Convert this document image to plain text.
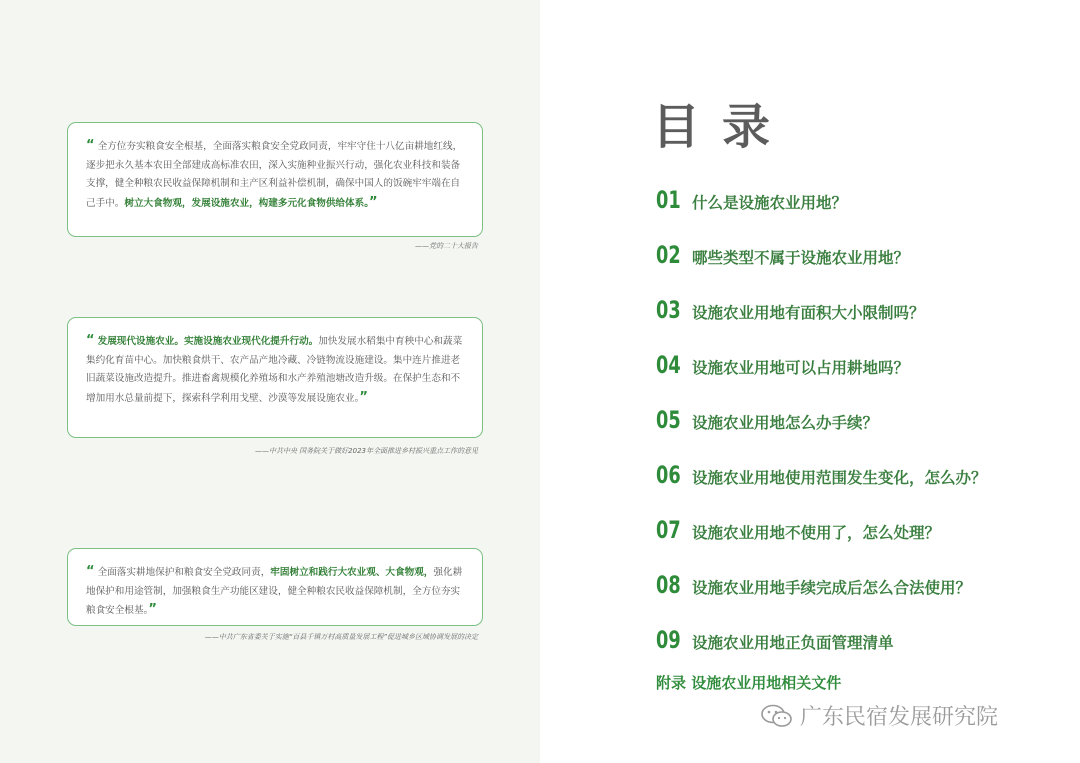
“ 全方位夯实粮食安全根基，全面落实粮食安全党政同责，牢牢守住十八亿亩耕地红线，逐步把永久基本农田全部建成高标准农田，深入实施种业振兴行动，强化农业科技和装备支撑，健全种粮农民收益保障机制和主产区利益补偿机制，确保中国人的饭碗牢牢端在自己手中。树立大食物观，发展设施农业，构建多元化食物供给体系。”
——党的二十大报告
“ 发展现代设施农业。实施设施农业现代化提升行动。加快发展水稻集中育秧中心和蔬菜集约化育苗中心。加快粮食烘干、农产品产地冷藏、冷链物流设施建设。集中连片推进老旧蔬菜设施改造提升。推进畜禽规模化养殖场和水产养殖池塘改造升级。在保护生态和不增加用水总量前提下，探索科学利用戈壁、沙漠等发展设施农业。”
——中共中央 国务院关于做好2023年全面推进乡村振兴重点工作的意见
“ 全面落实耕地保护和粮食安全党政同责，牢固树立和践行大农业观、大食物观，强化耕地保护和用途管制，加强粮食生产功能区建设，健全种粮农民收益保障机制，全方位夯实粮食安全根基。”
——中共广东省委关于实施“百县千镇万村高质量发展工程”促进城乡区域协调发展的决定
目录
01 什么是设施农业用地？
02 哪些类型不属于设施农业用地？
03 设施农业用地有面积大小限制吗？
04 设施农业用地可以占用耕地吗？
05 设施农业用地怎么办手续？
06 设施农业用地使用范围发生变化，怎么办？
07 设施农业用地不使用了，怎么处理？
08 设施农业用地手续完成后怎么合法使用？
09 设施农业用地正负面管理清单
附录 设施农业用地相关文件
广东民宿发展研究院
